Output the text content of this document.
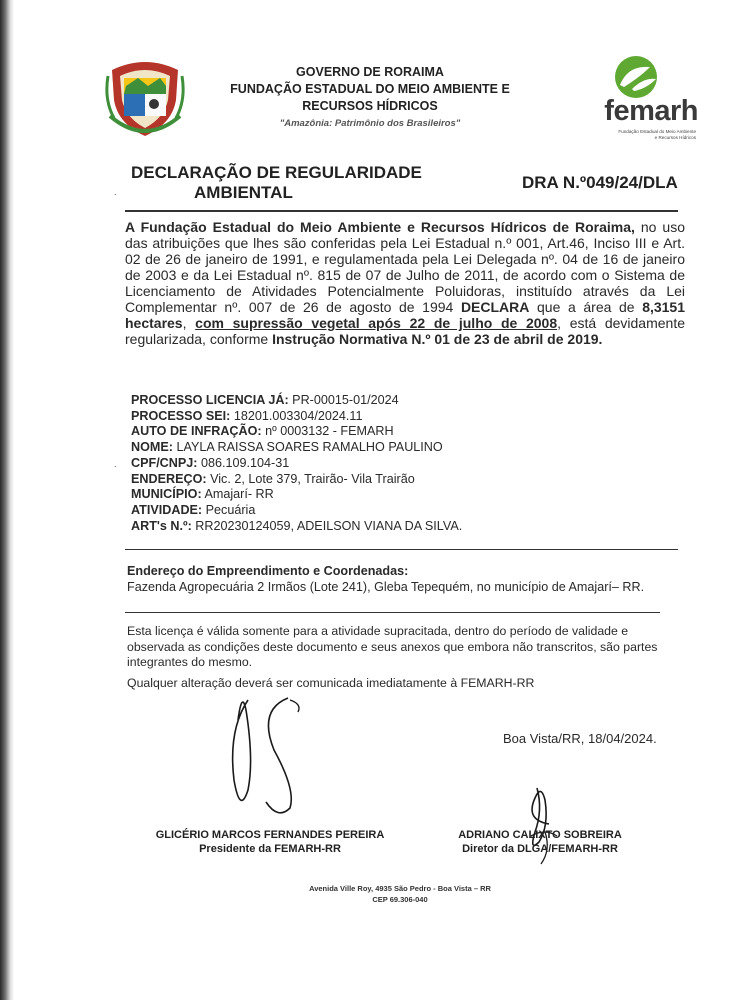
GOVERNO DE RORAIMA
FUNDAÇÃO ESTADUAL DO MEIO AMBIENTE E
RECURSOS HÍDRICOS
"Amazônia: Patrimônio dos Brasileiros"	femarh
Fundação Estadual do Meio Ambiente
e Recursos Hídricos
DECLARAÇÃO DE REGULARIDADE
AMBIENTAL
DRA N.º049/24/DLA
.
A Fundação Estadual do Meio Ambiente e Recursos Hídricos de Roraima, no uso das atribuições que lhes são conferidas pela Lei Estadual n.º 001, Art.46, Inciso III e Art. 02 de 26 de janeiro de 1991, e regulamentada pela Lei Delegada nº. 04 de 16 de janeiro de 2003 e da Lei Estadual nº. 815 de 07 de Julho de 2011, de acordo com o Sistema de Licenciamento de Atividades Potencialmente Poluidoras, instituído através da Lei Complementar nº. 007 de 26 de agosto de 1994 DECLARA que a área de 8,3151 hectares, com supressão vegetal após 22 de julho de 2008, está devidamente regularizada, conforme Instrução Normativa N.º 01 de 23 de abril de 2019.
PROCESSO LICENCIA JÁ: PR-00015-01/2024
PROCESSO SEI: 18201.003304/2024.11
AUTO DE INFRAÇÃO: nº 0003132 - FEMARH
NOME: LAYLA RAISSA SOARES RAMALHO PAULINO
CPF/CNPJ: 086.109.104-31
ENDEREÇO: Vic. 2, Lote 379, Trairão- Vila Trairão
MUNICÍPIO: Amajarí- RR
ATIVIDADE: Pecuária
ART's N.º: RR20230124059, ADEILSON VIANA DA SILVA.
.
Endereço do Empreendimento e Coordenadas:
Fazenda Agropecuária 2 Irmãos (Lote 241), Gleba Tepequém, no município de Amajarí– RR.
Esta licença é válida somente para a atividade supracitada, dentro do período de validade e observada as condições deste documento e seus anexos que embora não transcritos, são partes integrantes do mesmo.
Qualquer alteração deverá ser comunicada imediatamente à FEMARH-RR
Boa Vista/RR, 18/04/2024.
GLICÉRIO MARCOS FERNANDES PEREIRA
Presidente da FEMARH-RR
ADRIANO CALIXTO SOBREIRA
Diretor da DLGA/FEMARH-RR
Avenida Ville Roy, 4935 São Pedro - Boa Vista – RR
CEP 69.306-040
